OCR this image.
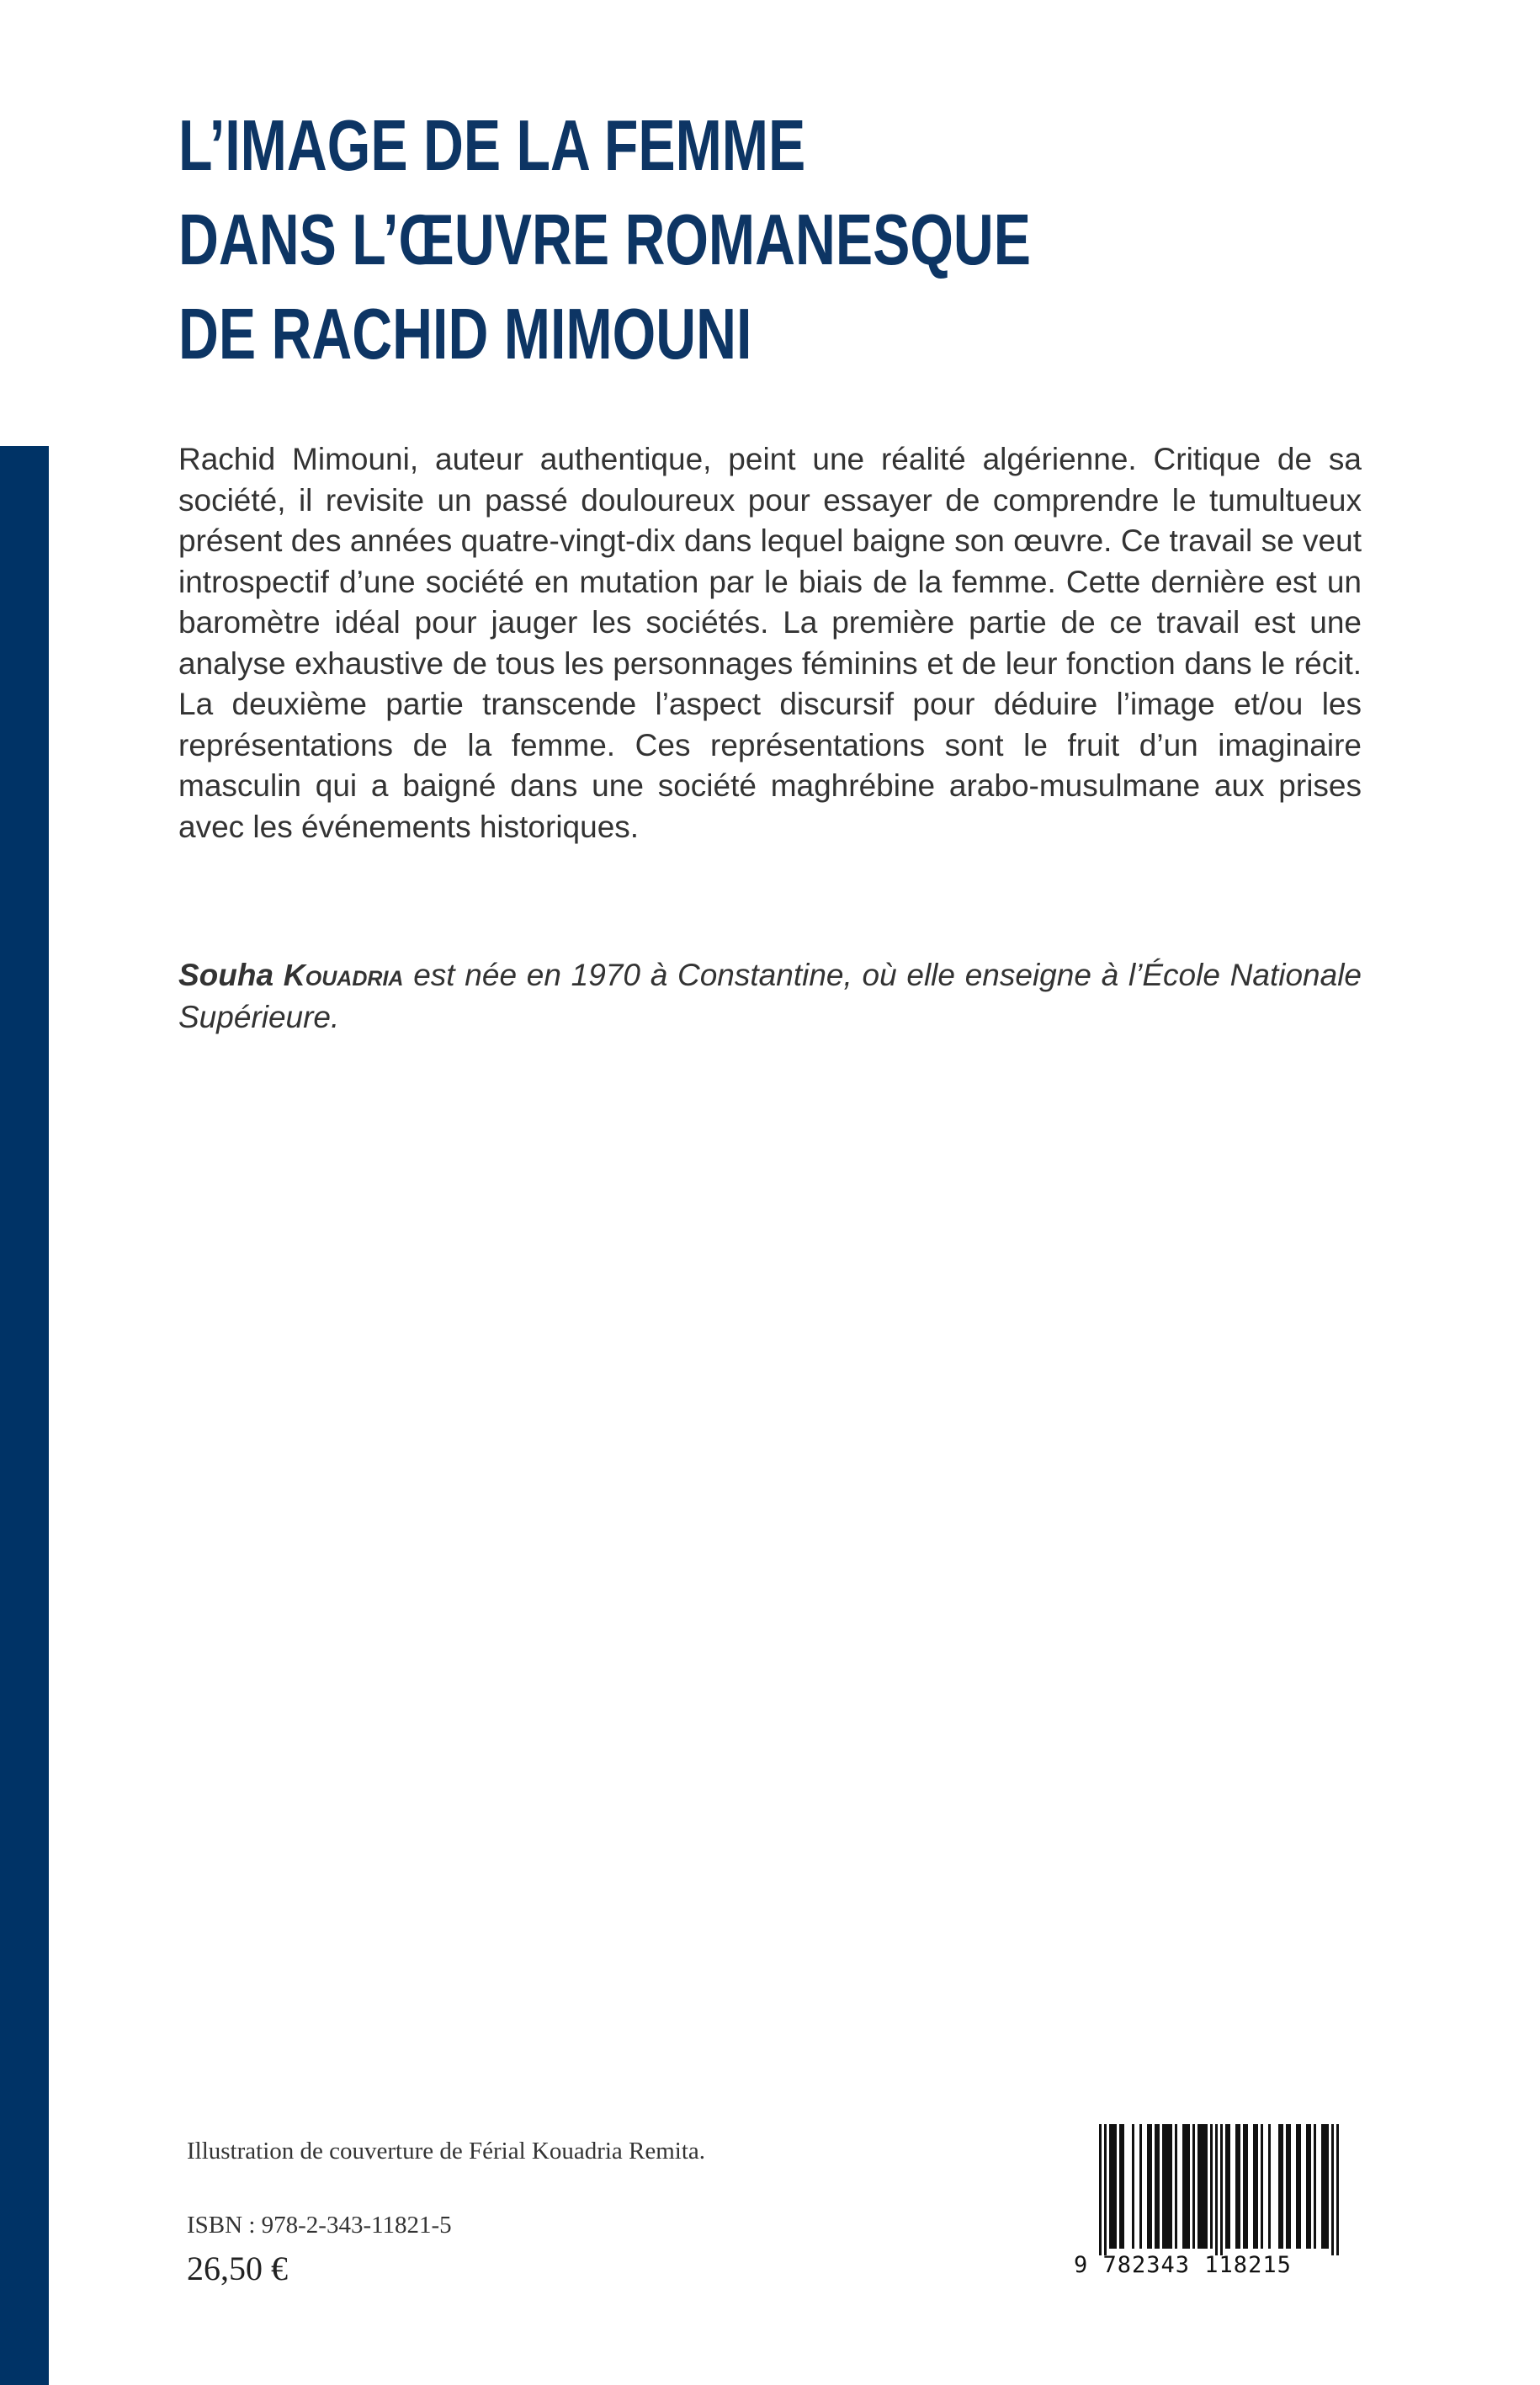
L’IMAGE DE LA FEMME
DANS L’ŒUVRE ROMANESQUE
DE RACHID MIMOUNI

Rachid Mimouni, auteur authentique, peint une réalité algérienne. Critique de sa société, il revisite un passé douloureux pour essayer de comprendre le tumultueux présent des années quatre-vingt-dix dans lequel baigne son œuvre. Ce travail se veut introspectif d’une société en mutation par le biais de la femme. Cette dernière est un baromètre idéal pour jauger les sociétés. La première partie de ce travail est une analyse exhaustive de tous les personnages féminins et de leur fonction dans le récit. La deuxième partie transcende l’aspect discursif pour déduire l’image et/ou les représentations de la femme. Ces représentations sont le fruit d’un imaginaire masculin qui a baigné dans une société maghrébine arabo-musulmane aux prises avec les événements historiques.

Souha Kouadria est née en 1970 à Constantine, où elle enseigne à l’École Nationale Supérieure.

Illustration de couverture de Férial Kouadria Remita.

ISBN : 978-2-343-11821-5

26,50 €	9 782343 118215
